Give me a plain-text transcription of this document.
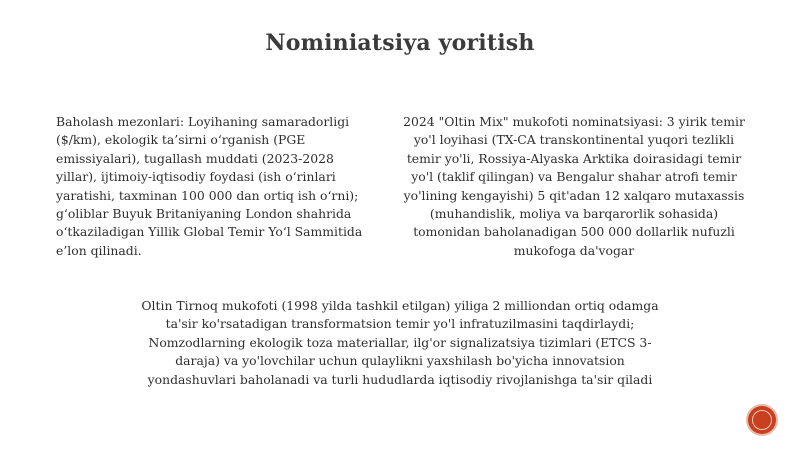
Nominiatsiya yoritish
Baholash mezonlari: Loyihaning samaradorligi ($/km), ekologik ta’sirni o‘rganish (PGE emissiyalari), tugallash muddati (2023-2028 yillar), ijtimoiy-iqtisodiy foydasi (ish o‘rinlari yaratishi, taxminan 100 000 dan ortiq ish o‘rni); g‘oliblar Buyuk Britaniyaning London shahrida o‘tkaziladigan Yillik Global Temir Yo‘l Sammitida e’lon qilinadi.
2024 "Oltin Mix" mukofoti nominatsiyasi: 3 yirik temir yo'l loyihasi (TX-CA transkontinental yuqori tezlikli temir yo'li, Rossiya-Alyaska Arktika doirasidagi temir yo'l (taklif qilingan) va Bengalur shahar atrofi temir yo'lining kengayishi) 5 qit'adan 12 xalqaro mutaxassis (muhandislik, moliya va barqarorlik sohasida) tomonidan baholanadigan 500 000 dollarlik nufuzli mukofoga da'vogar
Oltin Tirnoq mukofoti (1998 yilda tashkil etilgan) yiliga 2 milliondan ortiq odamga ta'sir ko'rsatadigan transformatsion temir yo'l infratuzilmasini taqdirlaydi; Nomzodlarning ekologik toza materiallar, ilg'or signalizatsiya tizimlari (ETCS 3-daraja) va yo'lovchilar uchun qulaylikni yaxshilash bo'yicha innovatsion yondashuvlari baholanadi va turli hududlarda iqtisodiy rivojlanishga ta'sir qiladi
